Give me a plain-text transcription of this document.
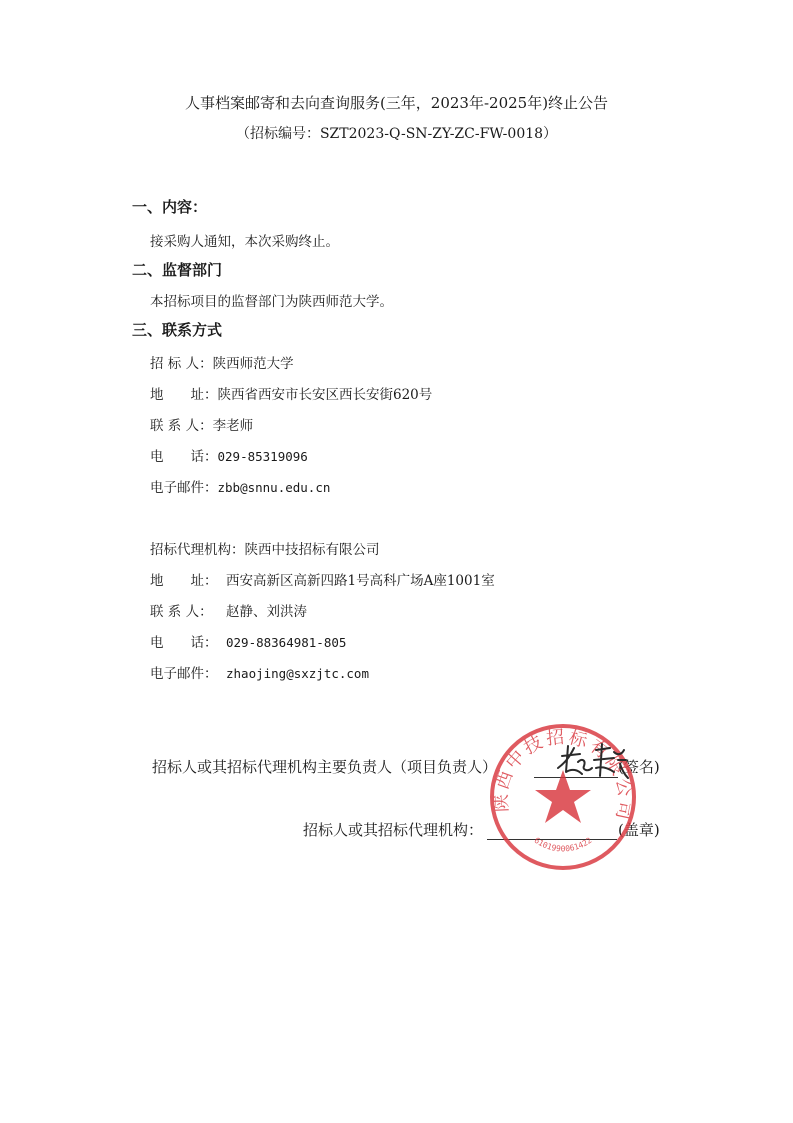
人事档案邮寄和去向查询服务(三年，2023年-2025年)终止公告
（招标编号：SZT2023-Q-SN-ZY-ZC-FW-0018）
一、内容：
接采购人通知，本次采购终止。
二、监督部门
本招标项目的监督部门为陕西师范大学。
三、联系方式
招 标 人：陕西师范大学
地　　址：陕西省西安市长安区西长安街620号
联 系 人：李老师
电　　话：029-85319096
电子邮件：zbb@snnu.edu.cn
招标代理机构：陕西中技招标有限公司
地　　址： 西安高新区高新四路1号高科广场A座1001室
联 系 人： 赵静、刘洪涛
电　　话： 029-88364981-805
电子邮件： zhaojing@sxzjtc.com
招标人或其招标代理机构主要负责人（项目负责人）	(签名)
招标人或其招标代理机构：	(盖章)
陕西中技招标有限公司
6101990061422
